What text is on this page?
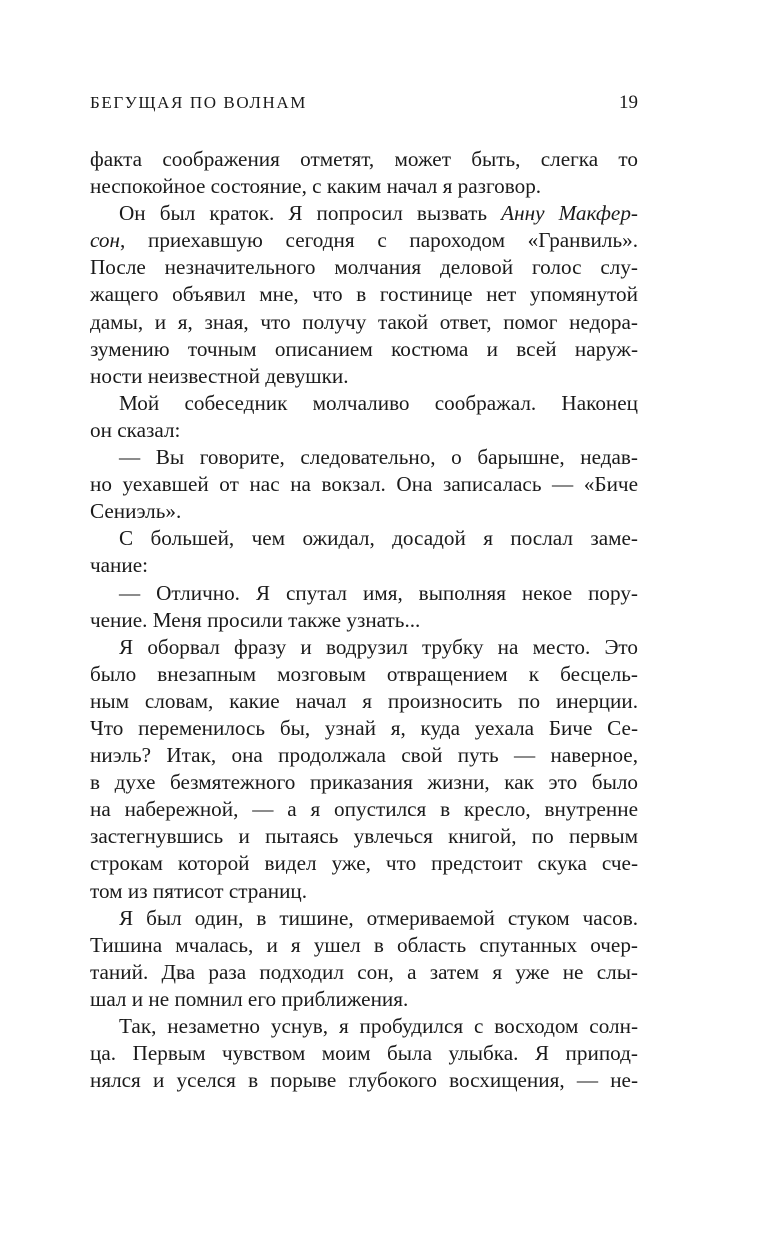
БЕГУЩАЯ ПО ВОЛНАМ	19
факта соображения отметят, может быть, слегка то
неспокойное состояние, с каким начал я разговор.
Он был краток. Я попросил вызвать Анну Макфер-
сон, приехавшую сегодня с пароходом «Гранвиль».
После незначительного молчания деловой голос слу-
жащего объявил мне, что в гостинице нет упомянутой
дамы, и я, зная, что получу такой ответ, помог недора-
зумению точным описанием костюма и всей наруж-
ности неизвестной девушки.
Мой собеседник молчаливо соображал. Наконец
он сказал:
— Вы говорите, следовательно, о барышне, недав-
но уехавшей от нас на вокзал. Она записалась — «Биче
Сениэль».
С большей, чем ожидал, досадой я послал заме-
чание:
— Отлично. Я спутал имя, выполняя некое пору-
чение. Меня просили также узнать...
Я оборвал фразу и водрузил трубку на место. Это
было внезапным мозговым отвращением к бесцель-
ным словам, какие начал я произносить по инерции.
Что переменилось бы, узнай я, куда уехала Биче Се-
ниэль? Итак, она продолжала свой путь — наверное,
в духе безмятежного приказания жизни, как это было
на набережной, — а я опустился в кресло, внутренне
застегнувшись и пытаясь увлечься книгой, по первым
строкам которой видел уже, что предстоит скука сче-
том из пятисот страниц.
Я был один, в тишине, отмериваемой стуком часов.
Тишина мчалась, и я ушел в область спутанных очер-
таний. Два раза подходил сон, а затем я уже не слы-
шал и не помнил его приближения.
Так, незаметно уснув, я пробудился с восходом солн-
ца. Первым чувством моим была улыбка. Я припод-
нялся и уселся в порыве глубокого восхищения, — не-
